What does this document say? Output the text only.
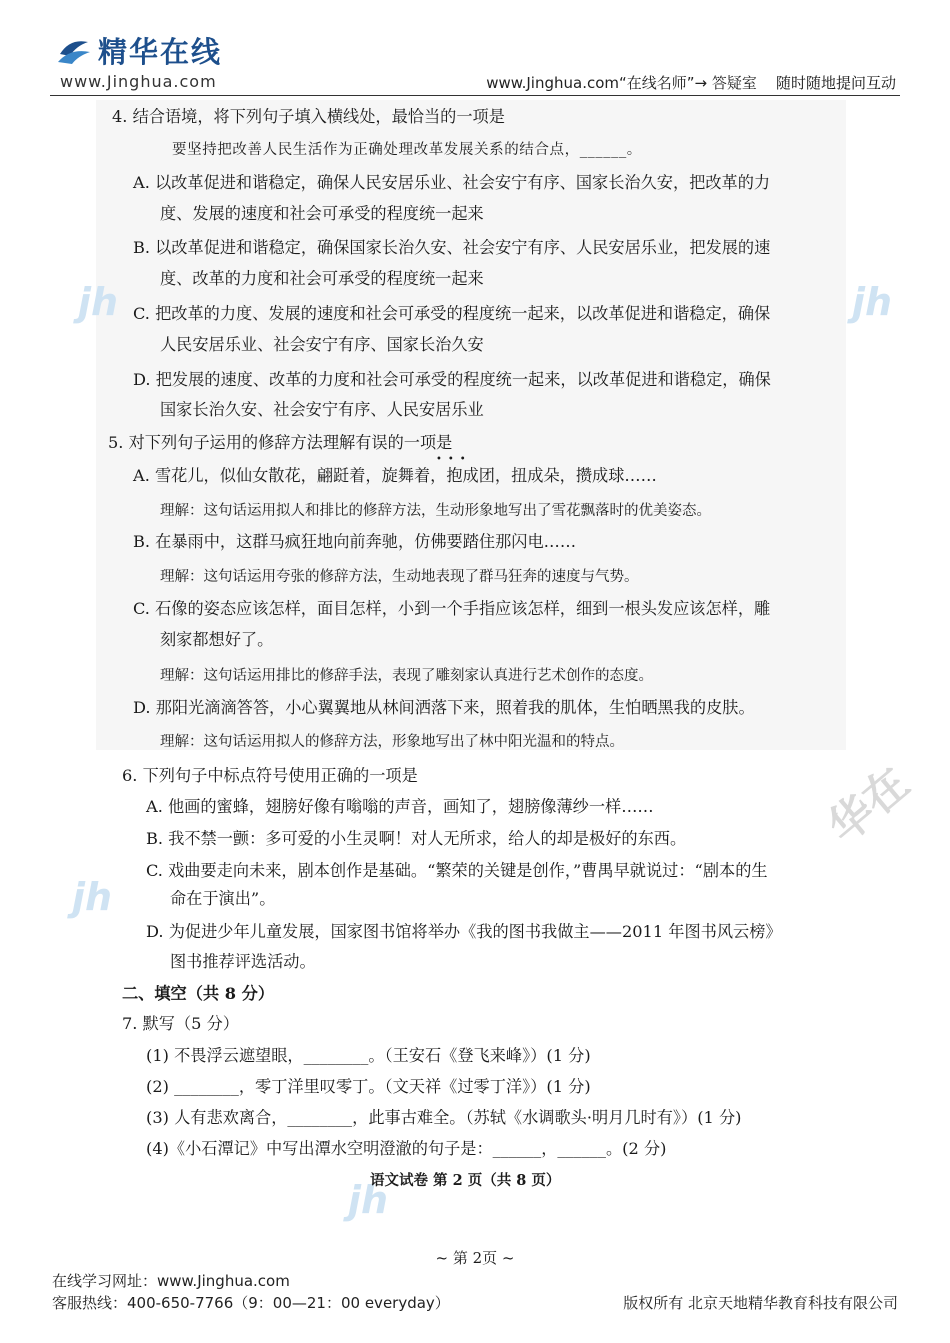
精华在线
www.Jinghua.com	www.Jinghua.com“在线名师”→ 答疑室 随时随地提问互动
jh	jh
jh
jh
华在
4. 结合语境，将下列句子填入横线处，最恰当的一项是
要坚持把改善人民生活作为正确处理改革发展关系的结合点，______。
A. 以改革促进和谐稳定，确保人民安居乐业、社会安宁有序、国家长治久安，把改革的力
度、发展的速度和社会可承受的程度统一起来
B. 以改革促进和谐稳定，确保国家长治久安、社会安宁有序、人民安居乐业，把发展的速
度、改革的力度和社会可承受的程度统一起来
C. 把改革的力度、发展的速度和社会可承受的程度统一起来，以改革促进和谐稳定，确保
人民安居乐业、社会安宁有序、国家长治久安
D. 把发展的速度、改革的力度和社会可承受的程度统一起来，以改革促进和谐稳定，确保
国家长治久安、社会安宁有序、人民安居乐业
5. 对下列句子运用的修辞方法理解有误的一项是
•••
A. 雪花儿，似仙女散花，翩跹着，旋舞着，抱成团，扭成朵，攒成球……
理解：这句话运用拟人和排比的修辞方法，生动形象地写出了雪花飘落时的优美姿态。
B. 在暴雨中，这群马疯狂地向前奔驰，仿佛要踏住那闪电……
理解：这句话运用夸张的修辞方法，生动地表现了群马狂奔的速度与气势。
C. 石像的姿态应该怎样，面目怎样，小到一个手指应该怎样，细到一根头发应该怎样，雕
刻家都想好了。
理解：这句话运用排比的修辞手法，表现了雕刻家认真进行艺术创作的态度。
D. 那阳光滴滴答答，小心翼翼地从林间洒落下来，照着我的肌体，生怕晒黑我的皮肤。
理解：这句话运用拟人的修辞方法，形象地写出了林中阳光温和的特点。
6. 下列句子中标点符号使用正确的一项是
A. 他画的蜜蜂，翅膀好像有嗡嗡的声音，画知了，翅膀像薄纱一样……
B. 我不禁一颤：多可爱的小生灵啊！对人无所求，给人的却是极好的东西。
C. 戏曲要走向未来，剧本创作是基础。“繁荣的关键是创作，”曹禺早就说过：“剧本的生
命在于演出”。
D. 为促进少年儿童发展，国家图书馆将举办《我的图书我做主——2011 年图书风云榜》
图书推荐评选活动。
二、填空（共 8 分）
7. 默写（5 分）
(1) 不畏浮云遮望眼，________。（王安石《登飞来峰》）(1 分)
(2) ________，零丁洋里叹零丁。（文天祥《过零丁洋》）(1 分)
(3) 人有悲欢离合，________，此事古难全。（苏轼《水调歌头·明月几时有》）(1 分)
(4)《小石潭记》中写出潭水空明澄澈的句子是：______，______。(2 分)
语文试卷 第 2 页（共 8 页）
~ 第 2页 ~
在线学习网址：www.Jinghua.com
客服热线：400-650-7766（9：00—21：00 everyday）	版权所有 北京天地精华教育科技有限公司
